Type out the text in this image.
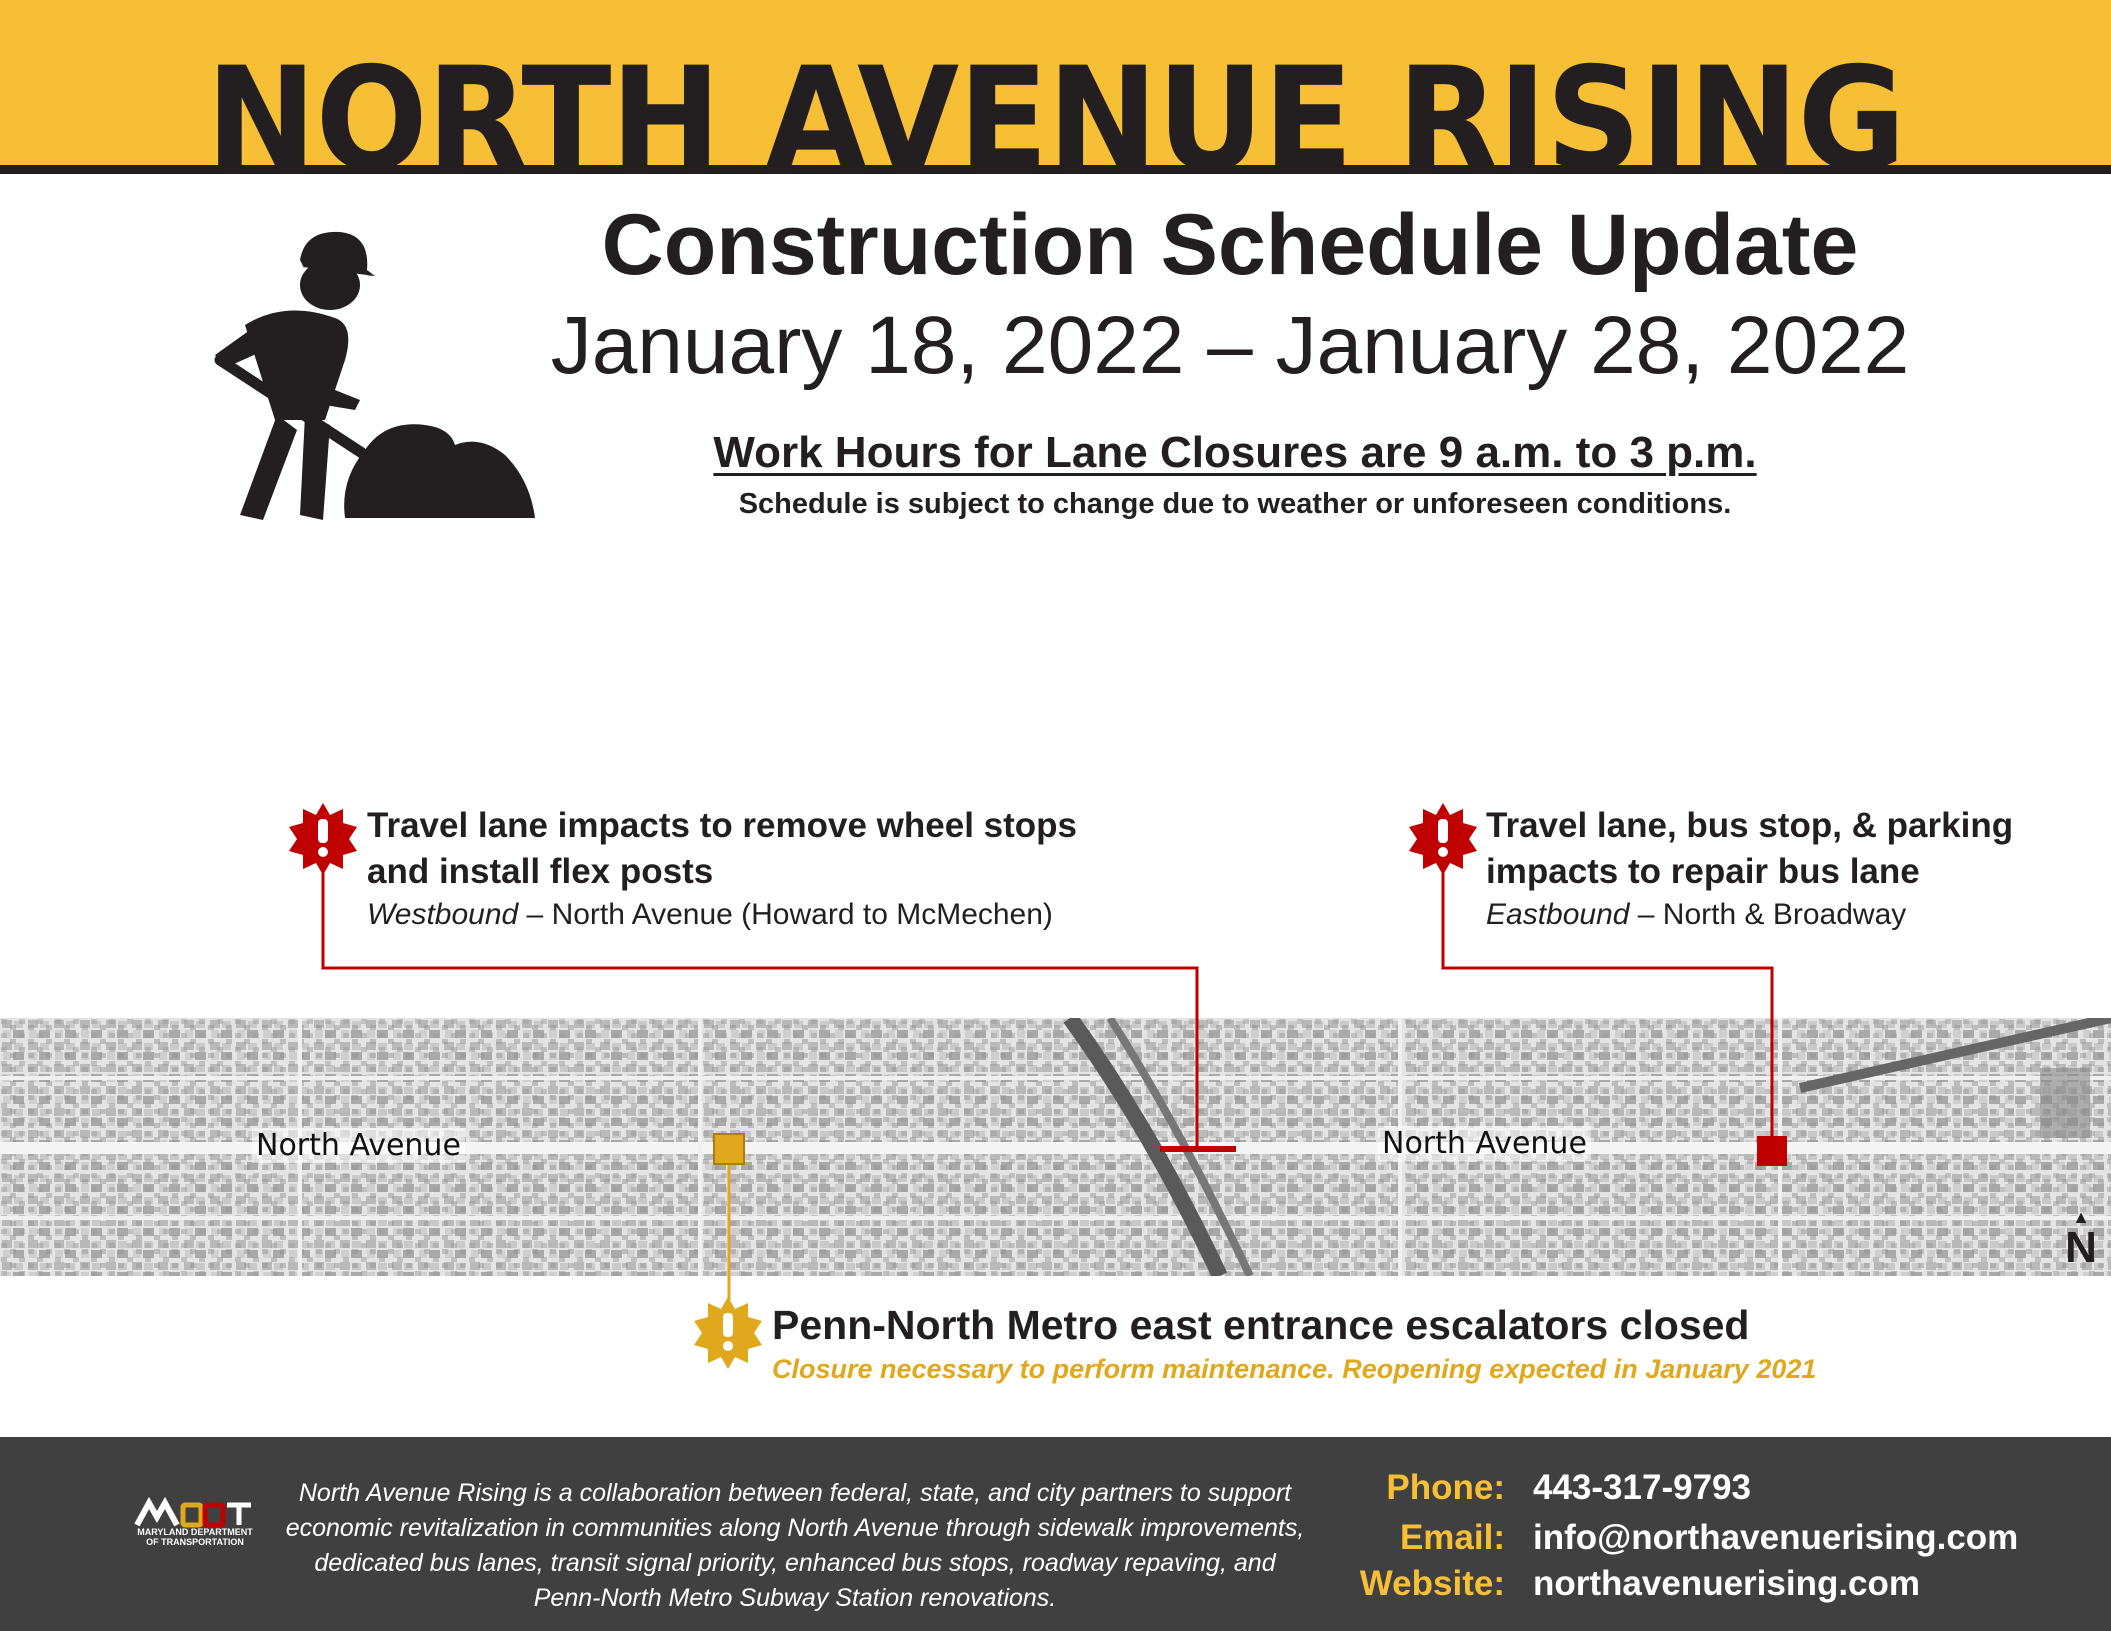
NORTH AVENUE RISING
Construction Schedule Update
January 18, 2022 – January 28, 2022
Work Hours for Lane Closures are 9 a.m. to 3 p.m.
Schedule is subject to change due to weather or unforeseen conditions.
North Avenue	North Avenue
Travel lane impacts to remove wheel stops
and install flex posts
Westbound – North Avenue (Howard to McMechen)
Travel lane, bus stop, & parking
impacts to repair bus lane
Eastbound – North & Broadway
▲
N
Penn-North Metro east entrance escalators closed
Closure necessary to perform maintenance. Reopening expected in January 2021
MARYLAND DEPARTMENT
OF TRANSPORTATION
North Avenue Rising is a collaboration between federal, state, and city partners to support economic revitalization in communities along North Avenue through sidewalk improvements, dedicated bus lanes, transit signal priority, enhanced bus stops, roadway repaving, and Penn-North Metro Subway Station renovations.
Phone: 443-317-9793
Email: info@northavenuerising.com
Website: northavenuerising.com
